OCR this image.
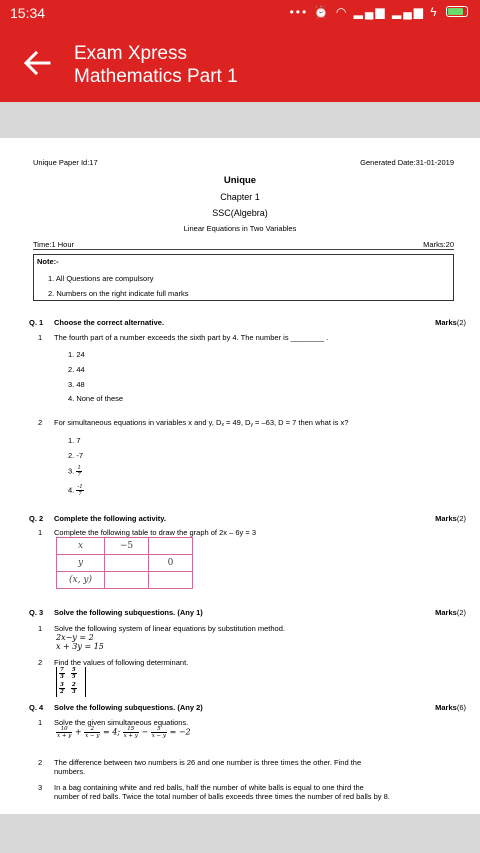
15:34	••• ⏰ ◠ ▂▄▆ ▂▄▆ ϟ
Exam Xpress
Mathematics Part 1
Unique Paper Id:17	Generated Date:31-01-2019
Unique
Chapter 1
SSC(Algebra)
Linear Equations in Two Variables
Time:1 Hour	Marks:20
Note:-
1. All Questions are compulsory
2. Numbers on the right indicate full marks
Q. 1 Choose the correct alternative.	Marks(2)
1 The fourth part of a number exceeds the sixth part by 4. The number is ________ .
1. 24
2. 44
3. 48
4. None of these
2 For simultaneous equations in variables x and y, $D_x = 49$, $D_y = -63$, D = 7 then what is x?
1. 7
2. -7
3. $\frac{1}{7}$
4. $\frac{-1}{7}$
Q. 2 Complete the following activity.	Marks(2)
1 Complete the following table to draw the graph of 2x – 6y = 3
x	−5	
y		0
(x, y)		
Q. 3 Solve the following subquestions. (Any 1)	Marks(2)
1 Solve the following system of linear equations by substitution method.
2x−y = 2
x + 3y = 15
2 Find the values of following determinant.
$\frac{7}{3} \frac{5}{5}$
$\frac{3}{2} \frac{2}{3}$
Q. 4 Solve the following subquestions. (Any 2)	Marks(6)
1 Solve the given simultaneous equations.
$\frac{10}{x + y} + \frac{2}{x - y} = 4$; $\frac{15}{x + y} - \frac{5}{x - y} = -2$
2 The difference between two numbers is 26 and one number is three times the other. Find the
numbers.
3 In a bag containing white and red balls, half the number of white balls is equal to one third the
number of red balls. Twice the total number of balls exceeds three times the number of red balls by 8.
